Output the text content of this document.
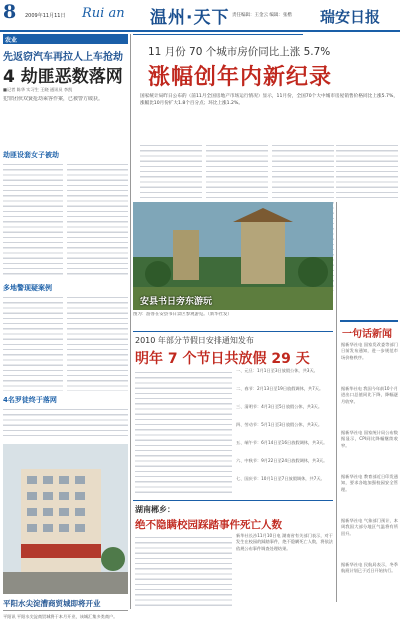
8 2009年11月11日 Rui an 温州·天下 责任编辑：王金云 编辑：张楷 瑞安日报
农业
先返窃汽车再拉人上车抢劫
4 劫匪恶数落网
■记者 陈华 实习生 王晓 通讯员 李凯
犯罪团伙双簧抢劫乘客作案，已被警方破获。
劫匪设套女子被劫
多地警现疑案例
4名罗徒终于落网
平阳水尖淀漕商贸城即将开业
平阳讯 平阳水尖淀商贸城将于本月开业，该城汇集多类商户。
11 月份 70 个城市房价同比上涨 5.7%
涨幅创年内新纪录
国家统计局昨日公布的（前11月全国房地产市场运行情况）显示，11月份，全国70个大中城市房屋销售价格同比上涨5.7%，涨幅比10月份扩大1.8个百分点；环比上涨1.2%。
安县书日旁东游玩
图为：游客在安县书日景区参观游览。（新华社发）
2010 年部分节假日安排通知发布
明年 7 个节日共放假 29 天
一、元旦：1月1日至3日放假公休，共3天。
二、春节：2月13日至19日放假调休，共7天。
三、清明节：4月3日至5日放假公休，共3天。
四、劳动节：5月1日至3日放假公休，共3天。
五、端午节：6月14日至16日放假调休，共3天。
六、中秋节：9月22日至24日放假调休，共3天。
七、国庆节：10月1日至7日放假调休，共7天。
湖南郴乡：
绝不隐瞒校园踩踏事件死亡人数
新华社长沙11月10日电 湖南省有关部门表示，对于发生在校园的踩踏事件，绝不隐瞒死亡人数，将依法依规公布事件调查处理结果。
一句话新闻
据新华社电 国家发改委等部门日前发布通知，进一步规范市场价格秩序。
据新华社电 我国今年前10个月进出口总值同比下降，降幅逐月收窄。
据新华社电 国家统计局公布数据显示，CPI同比降幅继续收窄。
据新华社电 教育部近日印发通知，要求各地加强校园安全管理。
据新华社电 气象部门预计，本周我国大部分地区气温将有所回升。
据新华社电 民航局表示，冬季航班计划已于近日开始执行。
